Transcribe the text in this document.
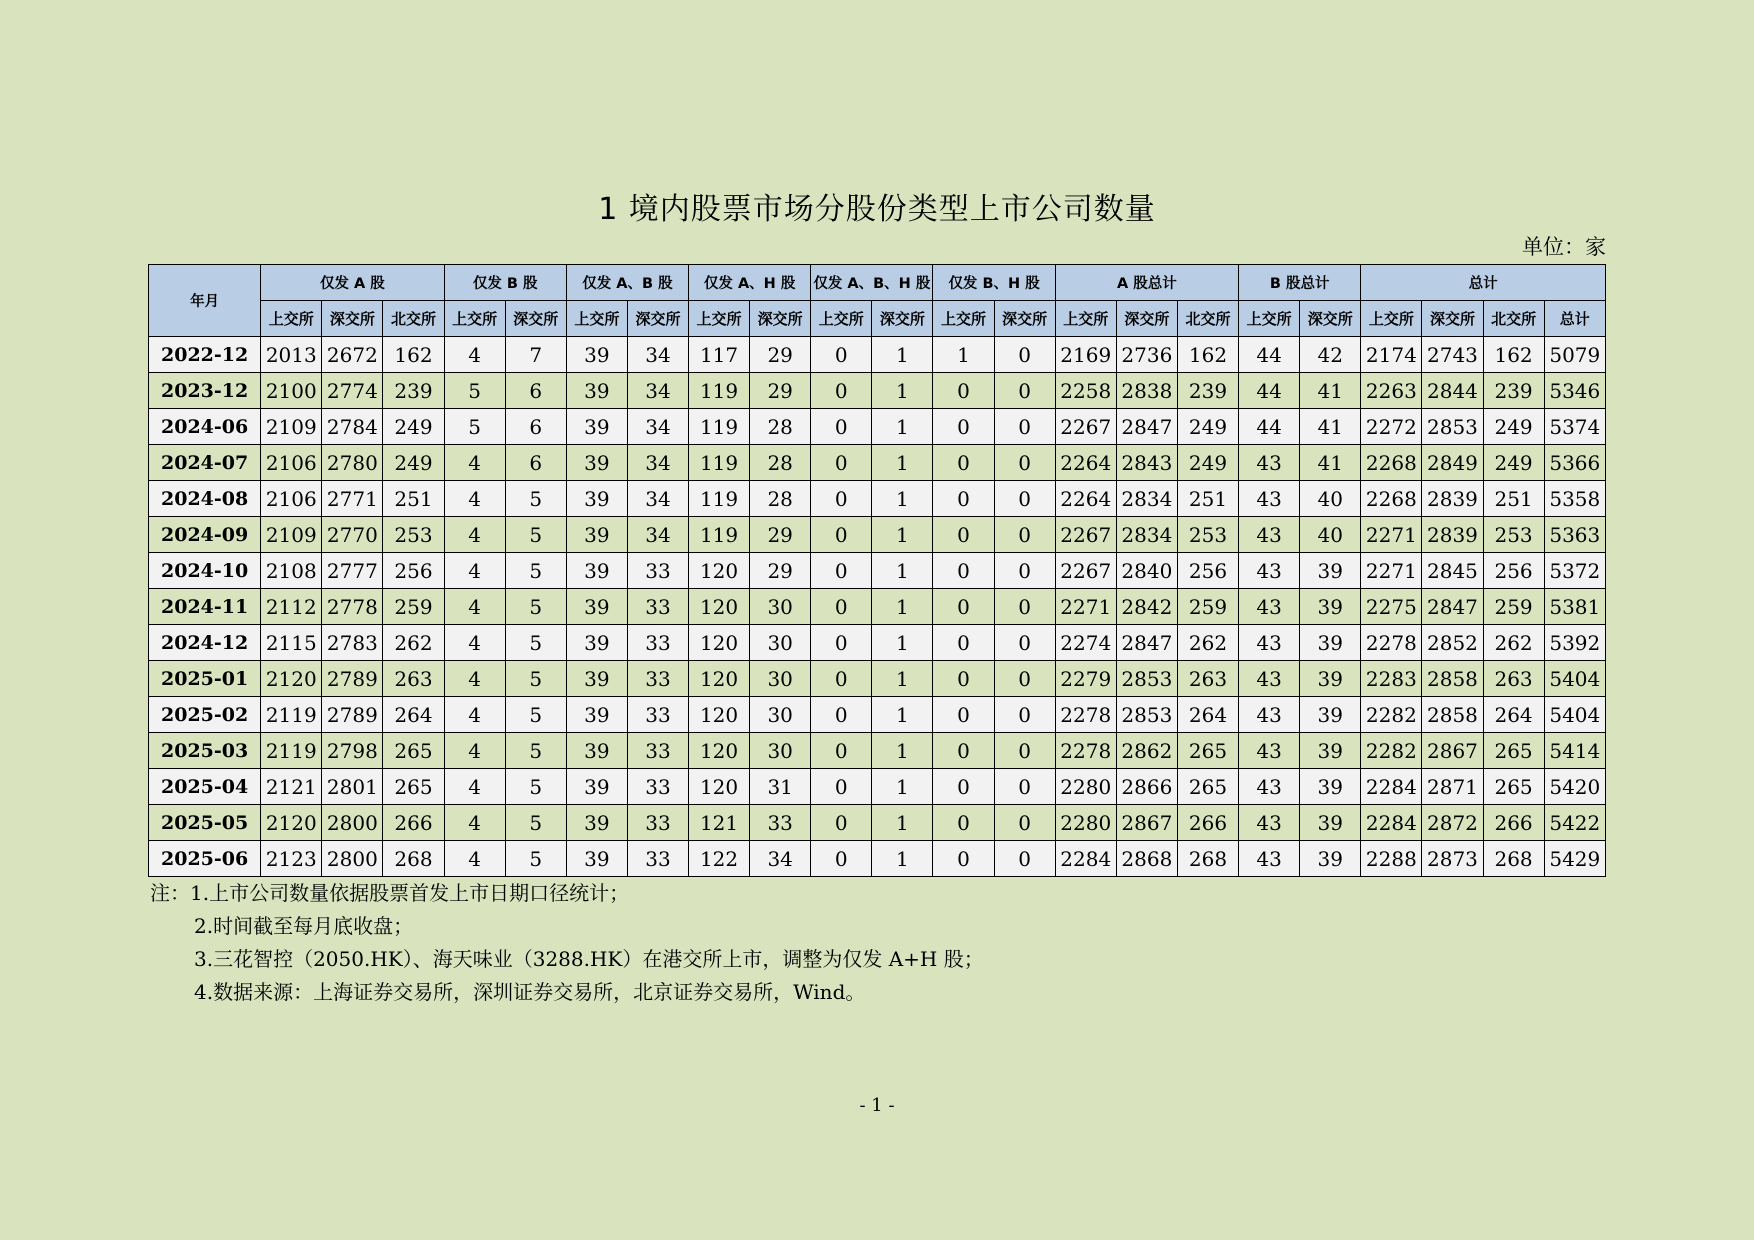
1 境内股票市场分股份类型上市公司数量
单位：家
年月	仅发 A 股			仅发 B 股		仅发 A、B 股		仅发 A、H 股		仅发 A、B、H 股		仅发 B、H 股		A 股总计			B 股总计		总计			
	上交所	深交所	北交所	上交所	深交所	上交所	深交所	上交所	深交所	上交所	深交所	上交所	深交所	上交所	深交所	北交所	上交所	深交所	上交所	深交所	北交所	总计
2022-12	2013	2672	162	4	7	39	34	117	29	0	1	1	0	2169	2736	162	44	42	2174	2743	162	5079
2023-12	2100	2774	239	5	6	39	34	119	29	0	1	0	0	2258	2838	239	44	41	2263	2844	239	5346
2024-06	2109	2784	249	5	6	39	34	119	28	0	1	0	0	2267	2847	249	44	41	2272	2853	249	5374
2024-07	2106	2780	249	4	6	39	34	119	28	0	1	0	0	2264	2843	249	43	41	2268	2849	249	5366
2024-08	2106	2771	251	4	5	39	34	119	28	0	1	0	0	2264	2834	251	43	40	2268	2839	251	5358
2024-09	2109	2770	253	4	5	39	34	119	29	0	1	0	0	2267	2834	253	43	40	2271	2839	253	5363
2024-10	2108	2777	256	4	5	39	33	120	29	0	1	0	0	2267	2840	256	43	39	2271	2845	256	5372
2024-11	2112	2778	259	4	5	39	33	120	30	0	1	0	0	2271	2842	259	43	39	2275	2847	259	5381
2024-12	2115	2783	262	4	5	39	33	120	30	0	1	0	0	2274	2847	262	43	39	2278	2852	262	5392
2025-01	2120	2789	263	4	5	39	33	120	30	0	1	0	0	2279	2853	263	43	39	2283	2858	263	5404
2025-02	2119	2789	264	4	5	39	33	120	30	0	1	0	0	2278	2853	264	43	39	2282	2858	264	5404
2025-03	2119	2798	265	4	5	39	33	120	30	0	1	0	0	2278	2862	265	43	39	2282	2867	265	5414
2025-04	2121	2801	265	4	5	39	33	120	31	0	1	0	0	2280	2866	265	43	39	2284	2871	265	5420
2025-05	2120	2800	266	4	5	39	33	121	33	0	1	0	0	2280	2867	266	43	39	2284	2872	266	5422
2025-06	2123	2800	268	4	5	39	33	122	34	0	1	0	0	2284	2868	268	43	39	2288	2873	268	5429
注：1.上市公司数量依据股票首发上市日期口径统计；
2.时间截至每月底收盘；
3.三花智控（2050.HK）、海天味业（3288.HK）在港交所上市，调整为仅发 A+H 股；
4.数据来源：上海证券交易所，深圳证券交易所，北京证券交易所，Wind。
- 1 -
